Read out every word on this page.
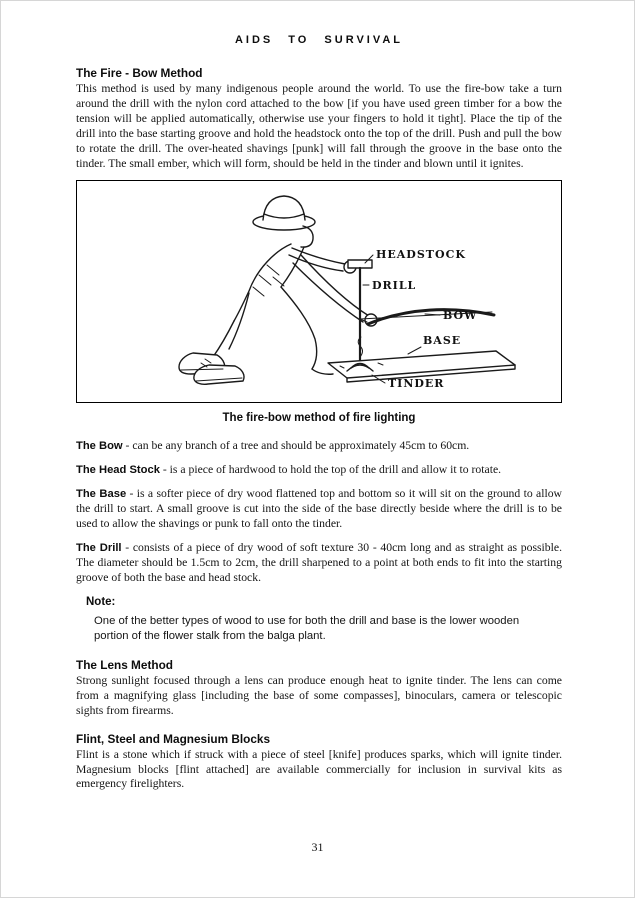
AIDS TO SURVIVAL
The Fire - Bow Method

This method is used by many indigenous people around the world. To use the fire-bow take a turn around the drill with the nylon cord attached to the bow [if you have used green timber for a bow the tension will be applied automatically, otherwise use your fingers to hold it tight]. Place the tip of the drill into the base starting groove and hold the headstock onto the top of the drill. Push and pull the bow to rotate the drill. The over-heated shavings [punk] will fall through the groove in the base onto the tinder. The small ember, which will form, should be held in the tinder and blown until it ignites.

HEADSTOCK
DRILL
BOW
BASE
TINDER
The fire-bow method of fire lighting

The Bow - can be any branch of a tree and should be approximately 45cm to 60cm.

The Head Stock - is a piece of hardwood to hold the top of the drill and allow it to rotate.

The Base - is a softer piece of dry wood flattened top and bottom so it will sit on the ground to allow the drill to start. A small groove is cut into the side of the base directly beside where the drill is to be used to allow the shavings or punk to fall onto the tinder.

The Drill - consists of a piece of dry wood of soft texture 30 - 40cm long and as straight as possible. The diameter should be 1.5cm to 2cm, the drill sharpened to a point at both ends to fit into the starting groove of both the base and head stock.

Note:
One of the better types of wood to use for both the drill and base is the lower wooden portion of the flower stalk from the balga plant.
The Lens Method

Strong sunlight focused through a lens can produce enough heat to ignite tinder. The lens can come from a magnifying glass [including the base of some compasses], binoculars, camera or telescopic sights from firearms.

Flint, Steel and Magnesium Blocks

Flint is a stone which if struck with a piece of steel [knife] produces sparks, which will ignite tinder. Magnesium blocks [flint attached] are available commercially for inclusion in survival kits as emergency firelighters.

31
